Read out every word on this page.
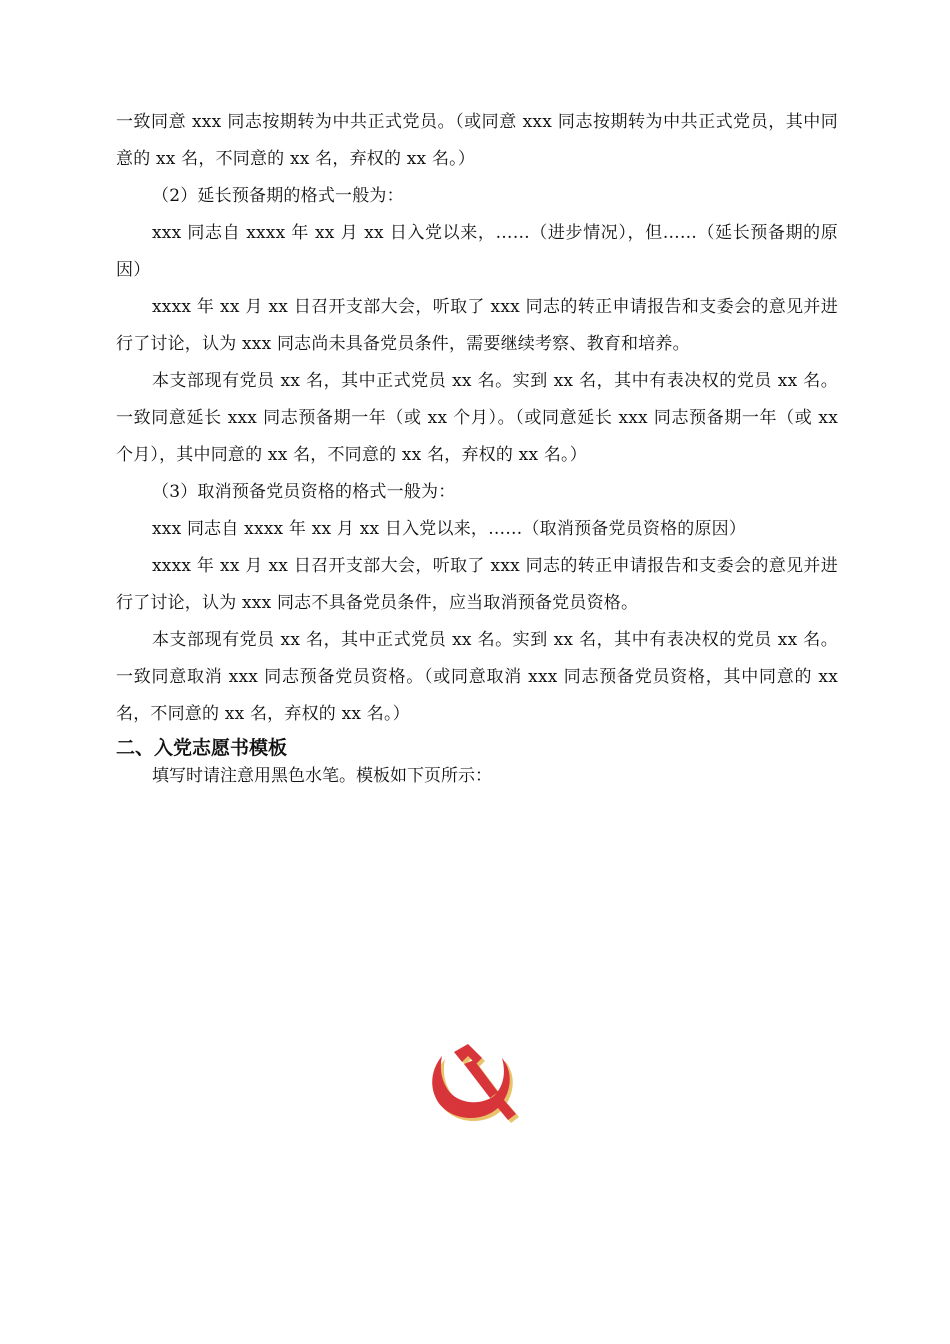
一致同意 xxx 同志按期转为中共正式党员。（或同意 xxx 同志按期转为中共正式党员，其中同意的 xx 名，不同意的 xx 名，弃权的 xx 名。）

（2）延长预备期的格式一般为：

xxx 同志自 xxxx 年 xx 月 xx 日入党以来，……（进步情况），但……（延长预备期的原因）

xxxx 年 xx 月 xx 日召开支部大会，听取了 xxx 同志的转正申请报告和支委会的意见并进行了讨论，认为 xxx 同志尚未具备党员条件，需要继续考察、教育和培养。

本支部现有党员 xx 名，其中正式党员 xx 名。实到 xx 名，其中有表决权的党员 xx 名。一致同意延长 xxx 同志预备期一年（或 xx 个月）。（或同意延长 xxx 同志预备期一年（或 xx 个月），其中同意的 xx 名，不同意的 xx 名，弃权的 xx 名。）

（3）取消预备党员资格的格式一般为：

xxx 同志自 xxxx 年 xx 月 xx 日入党以来，……（取消预备党员资格的原因）

xxxx 年 xx 月 xx 日召开支部大会，听取了 xxx 同志的转正申请报告和支委会的意见并进行了讨论，认为 xxx 同志不具备党员条件，应当取消预备党员资格。

本支部现有党员 xx 名，其中正式党员 xx 名。实到 xx 名，其中有表决权的党员 xx 名。一致同意取消 xxx 同志预备党员资格。（或同意取消 xxx 同志预备党员资格，其中同意的 xx 名，不同意的 xx 名，弃权的 xx 名。）

二、入党志愿书模板

填写时请注意用黑色水笔。模板如下页所示：
